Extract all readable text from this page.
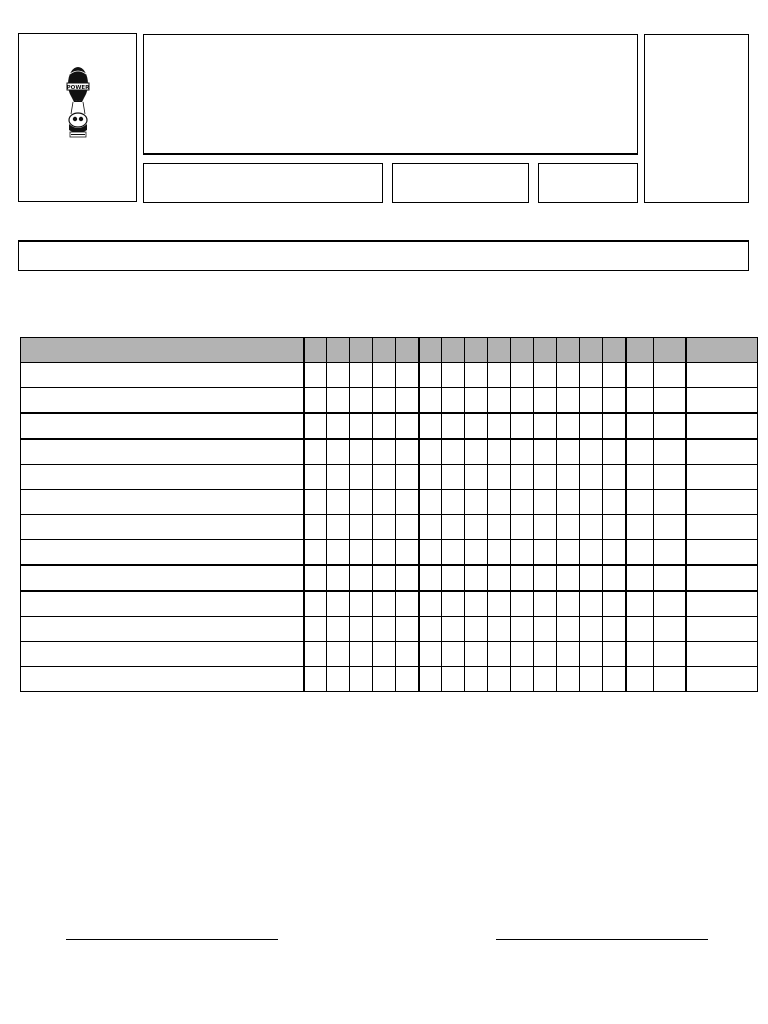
POWER
